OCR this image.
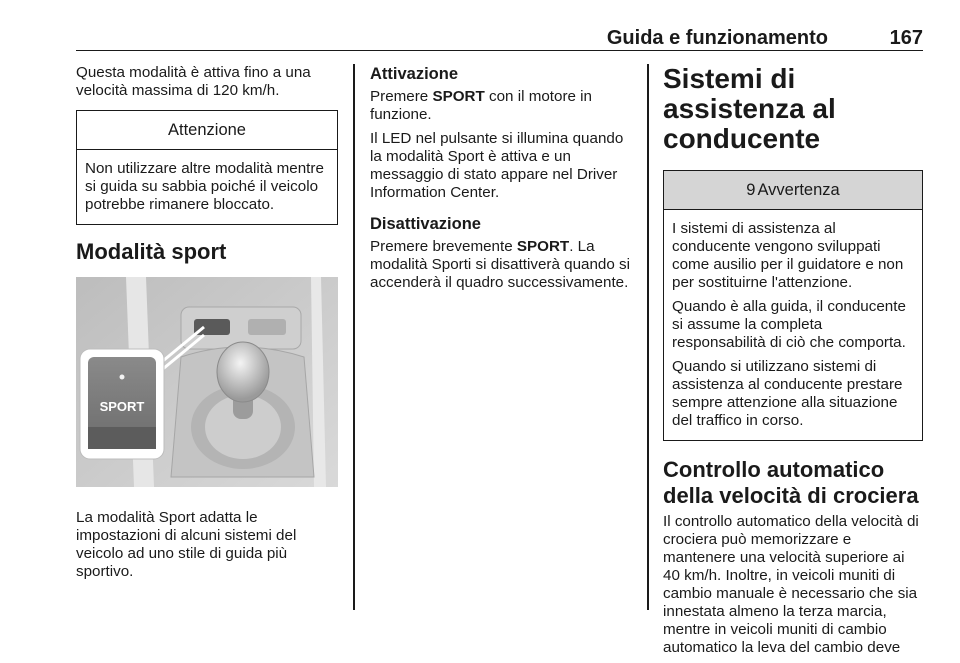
Guida e funzionamento	167

Questa modalità è attiva fino a una velocità massima di 120 km/h.

Attenzione

Non utilizzare altre modalità mentre si guida su sabbia poiché il veicolo potrebbe rimanere bloccato.

Modalità sport
SPORT

La modalità Sport adatta le impostazioni di alcuni sistemi del veicolo ad uno stile di guida più sportivo.

Attivazione

Premere SPORT con il motore in funzione.

Il LED nel pulsante si illumina quando la modalità Sport è attiva e un messaggio di stato appare nel Driver Information Center.

Disattivazione

Premere brevemente SPORT. La modalità Sporti si disattiverà quando si accenderà il quadro successivamente.

Sistemi di assistenza al conducente
9 Avvertenza

I sistemi di assistenza al conducente vengono sviluppati come ausilio per il guidatore e non per sostituirne l'attenzione.

Quando è alla guida, il conducente si assume la completa responsabilità di ciò che comporta.

Quando si utilizzano sistemi di assistenza al conducente prestare sempre attenzione alla situazione del traffico in corso.

Controllo automatico della velocità di crociera

Il controllo automatico della velocità di crociera può memorizzare e mantenere una velocità superiore ai 40 km/h. Inoltre, in veicoli muniti di cambio manuale è necessario che sia innestata almeno la terza marcia, mentre in veicoli muniti di cambio automatico la leva del cambio deve
